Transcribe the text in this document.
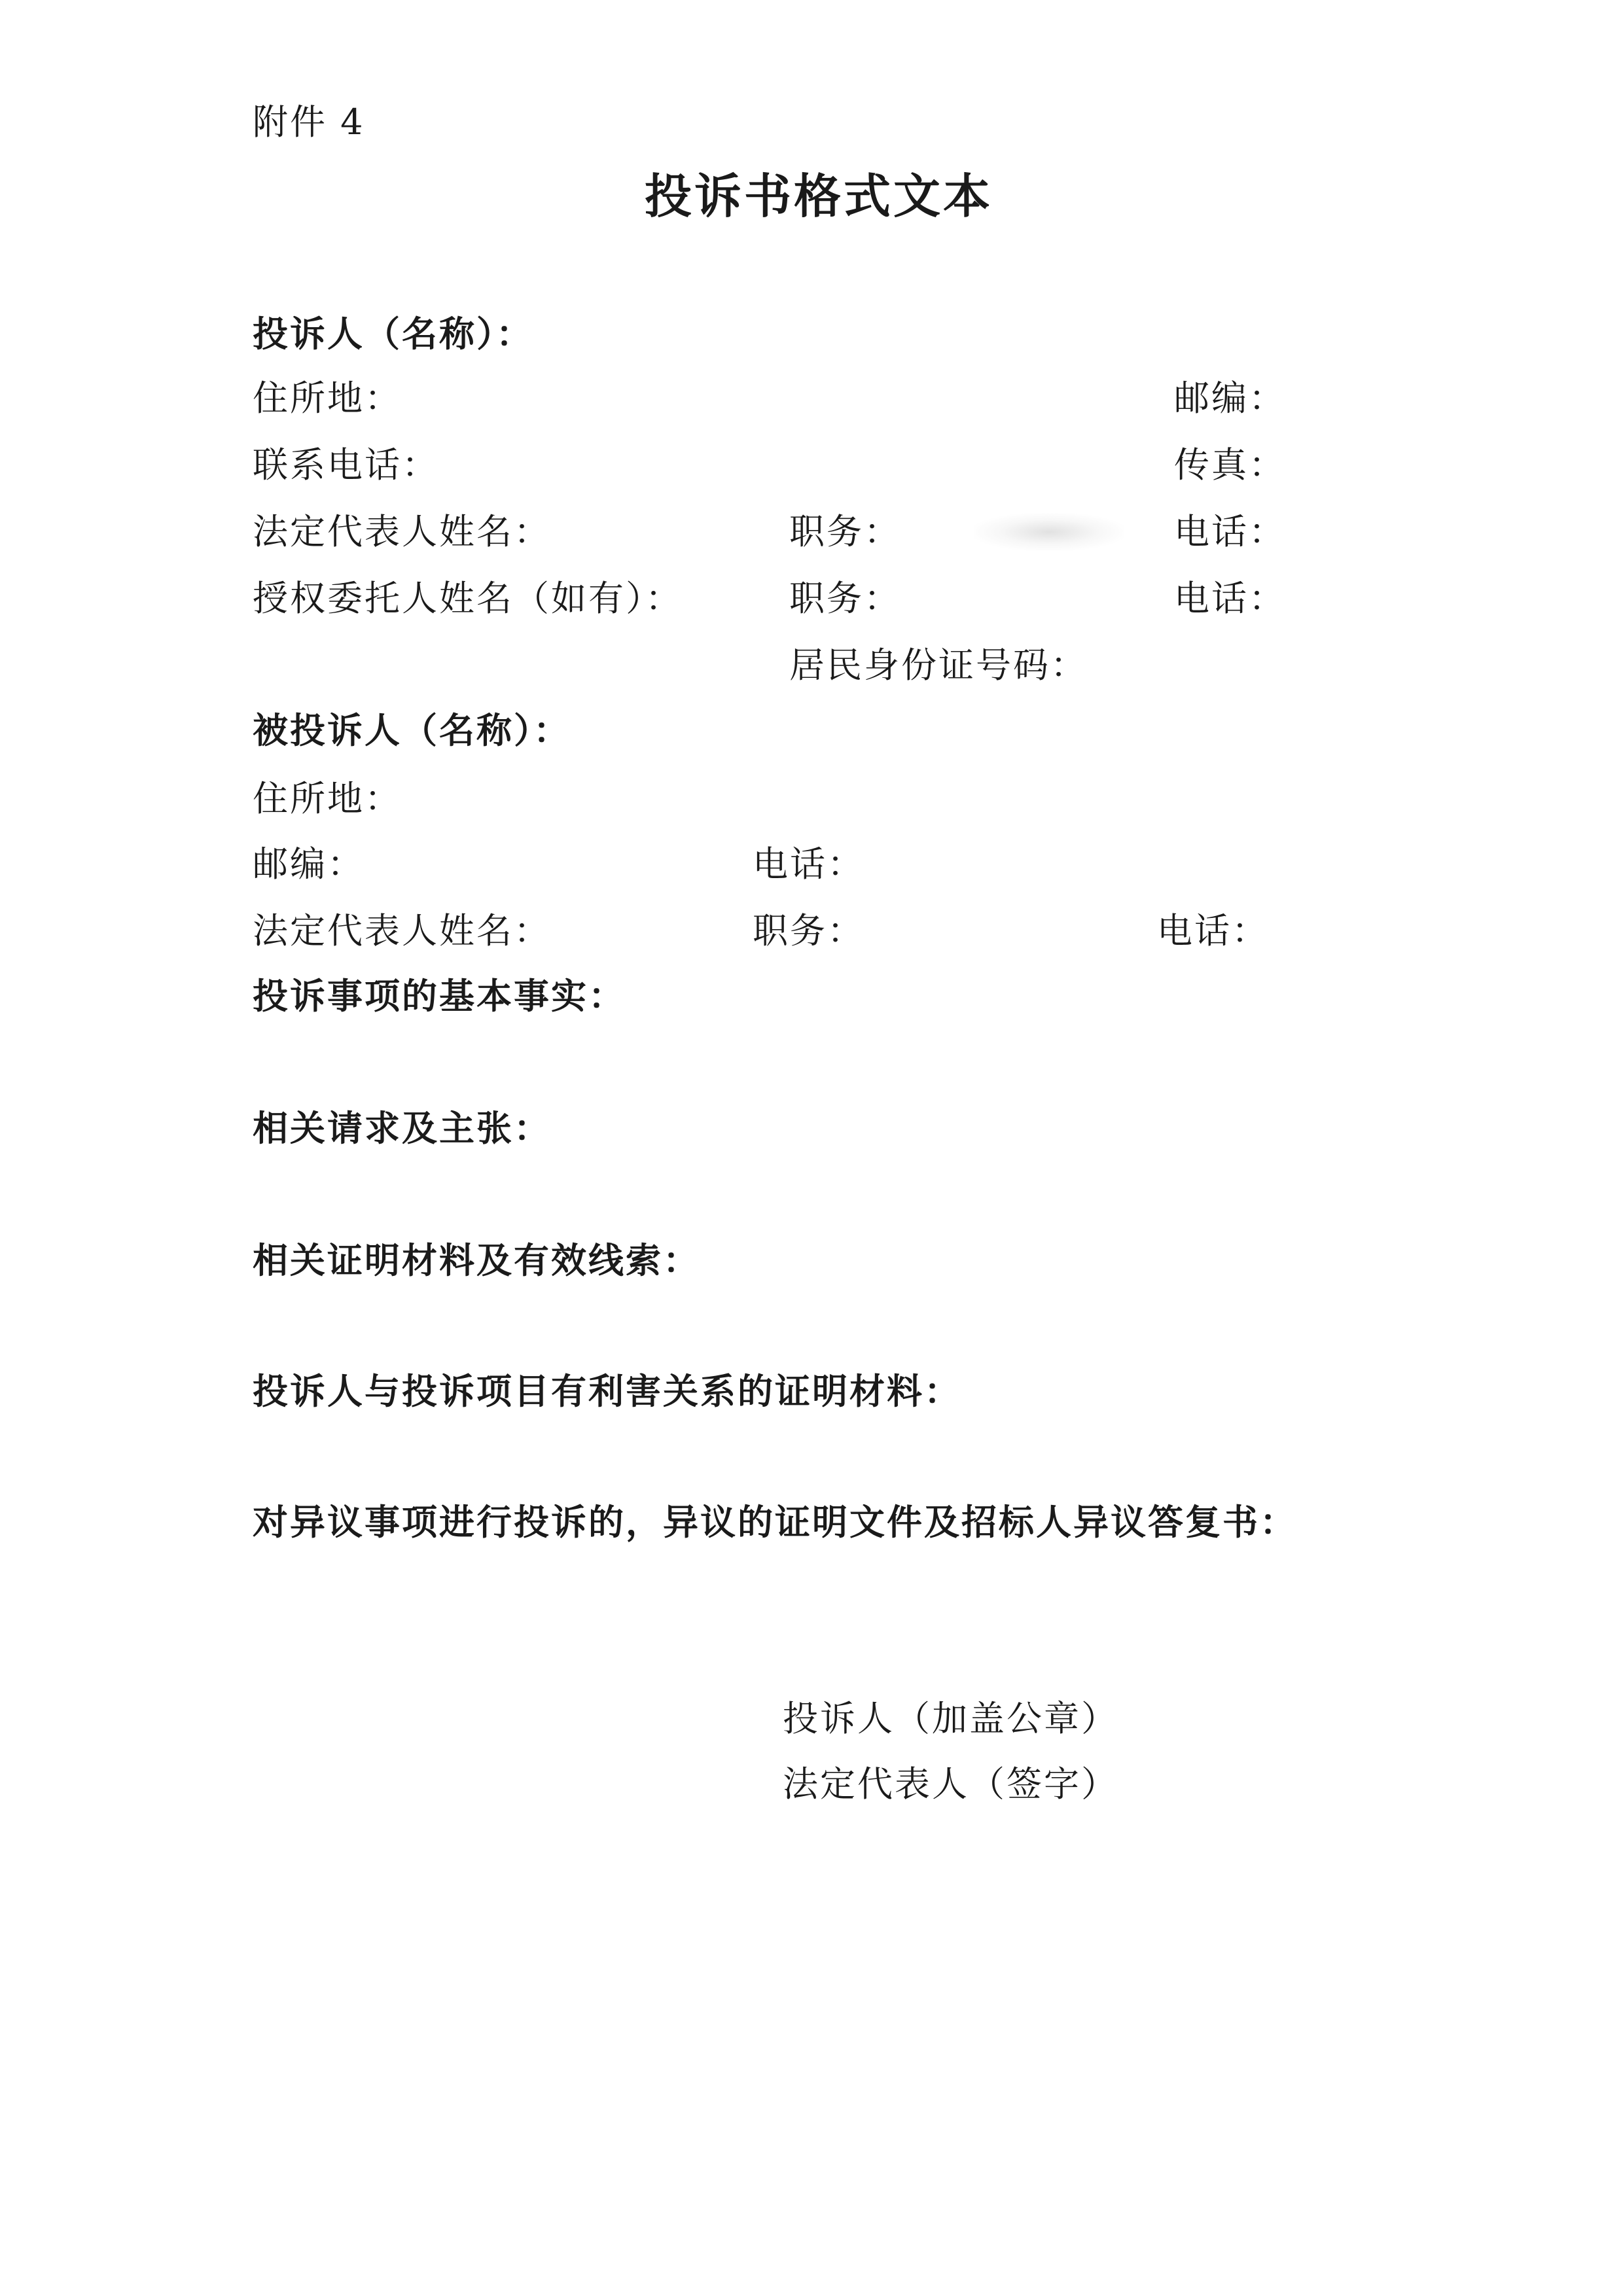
附件 4
投诉书格式文本
投诉人（名称）：
住所地：	邮编：
联系电话：	传真：
法定代表人姓名：	职务：	电话：
授权委托人姓名（如有）：	职务：	电话：
居民身份证号码：
被投诉人（名称）：
住所地：
邮编：	电话：
法定代表人姓名：	职务：	电话：
投诉事项的基本事实：
相关请求及主张：
相关证明材料及有效线索：
投诉人与投诉项目有利害关系的证明材料：
对异议事项进行投诉的，异议的证明文件及招标人异议答复书：
投诉人（加盖公章）
法定代表人（签字）
